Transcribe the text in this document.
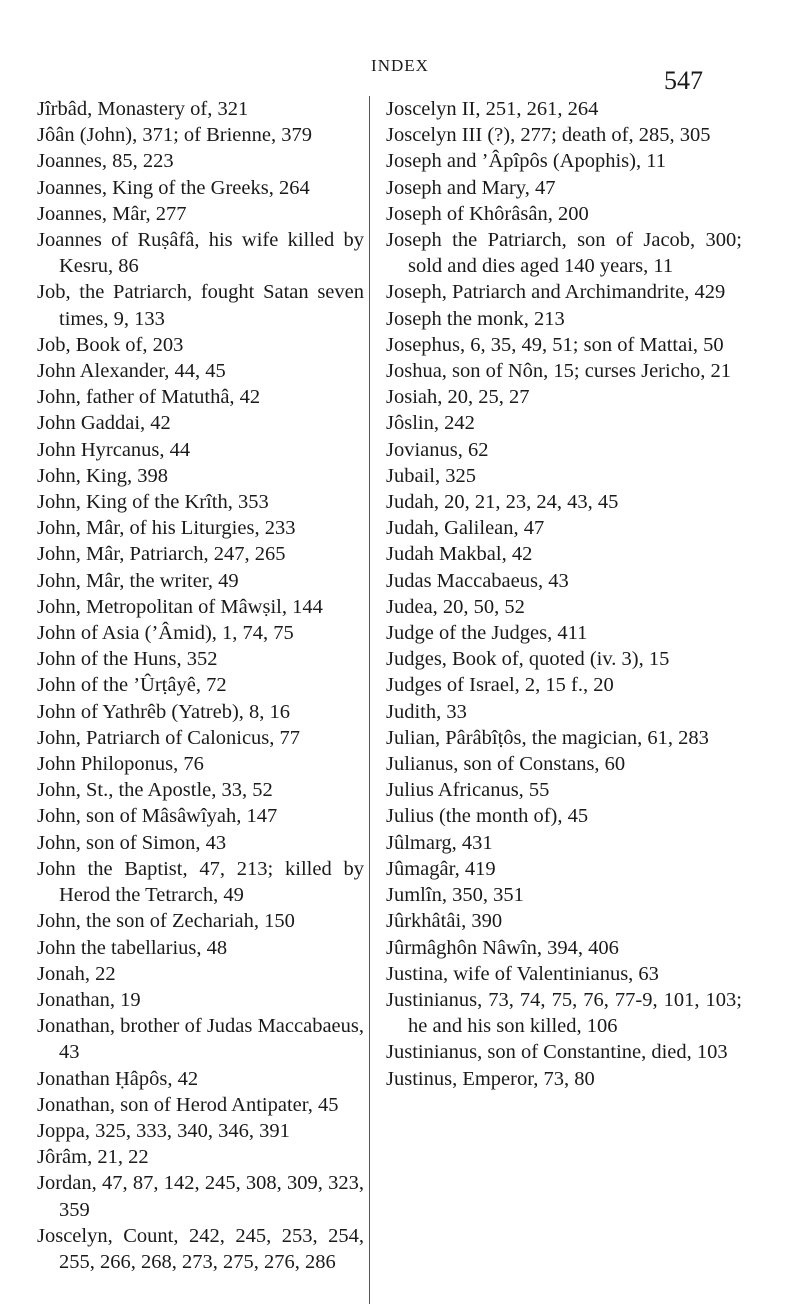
INDEX
547
Jîrbâd, Monastery of, 321
Jôân (John), 371; of Brienne, 379
Joannes, 85, 223
Joannes, King of the Greeks, 264
Joannes, Mâr, 277
Joannes of Ruṣâfâ, his wife killed by Kesru, 86
Job, the Patriarch, fought Satan seven times, 9, 133
Job, Book of, 203
John Alexander, 44, 45
John, father of Matuthâ, 42
John Gaddai, 42
John Hyrcanus, 44
John, King, 398
John, King of the Krîth, 353
John, Mâr, of his Liturgies, 233
John, Mâr, Patriarch, 247, 265
John, Mâr, the writer, 49
John, Metropolitan of Mâwṣil, 144
John of Asia (’Âmid), 1, 74, 75
John of the Huns, 352
John of the ’Ûrṭâyê, 72
John of Yathrêb (Yatreb), 8, 16
John, Patriarch of Calonicus, 77
John Philoponus, 76
John, St., the Apostle, 33, 52
John, son of Mâsâwîyah, 147
John, son of Simon, 43
John the Baptist, 47, 213; killed by Herod the Tetrarch, 49
John, the son of Zechariah, 150
John the tabellarius, 48
Jonah, 22
Jonathan, 19
Jonathan, brother of Judas Maccabaeus, 43
Jonathan Ḥâpôs, 42
Jonathan, son of Herod Antipater, 45
Joppa, 325, 333, 340, 346, 391
Jôrâm, 21, 22
Jordan, 47, 87, 142, 245, 308, 309, 323, 359
Joscelyn, Count, 242, 245, 253, 254, 255, 266, 268, 273, 275, 276, 286
Joscelyn II, 251, 261, 264
Joscelyn III (?), 277; death of, 285, 305
Joseph and ’Âpîpôs (Apophis), 11
Joseph and Mary, 47
Joseph of Khôrâsân, 200
Joseph the Patriarch, son of Jacob, 300; sold and dies aged 140 years, 11
Joseph, Patriarch and Archimandrite, 429
Joseph the monk, 213
Josephus, 6, 35, 49, 51; son of Mattai, 50
Joshua, son of Nôn, 15; curses Jericho, 21
Josiah, 20, 25, 27
Jôslin, 242
Jovianus, 62
Jubail, 325
Judah, 20, 21, 23, 24, 43, 45
Judah, Galilean, 47
Judah Makbal, 42
Judas Maccabaeus, 43
Judea, 20, 50, 52
Judge of the Judges, 411
Judges, Book of, quoted (iv. 3), 15
Judges of Israel, 2, 15 f., 20
Judith, 33
Julian, Pârâbîṭôs, the magician, 61, 283
Julianus, son of Constans, 60
Julius Africanus, 55
Julius (the month of), 45
Jûlmarg, 431
Jûmagâr, 419
Jumlîn, 350, 351
Jûrkhâtâi, 390
Jûrmâghôn Nâwîn, 394, 406
Justina, wife of Valentinianus, 63
Justinianus, 73, 74, 75, 76, 77-9, 101, 103; he and his son killed, 106
Justinianus, son of Constantine, died, 103
Justinus, Emperor, 73, 80
